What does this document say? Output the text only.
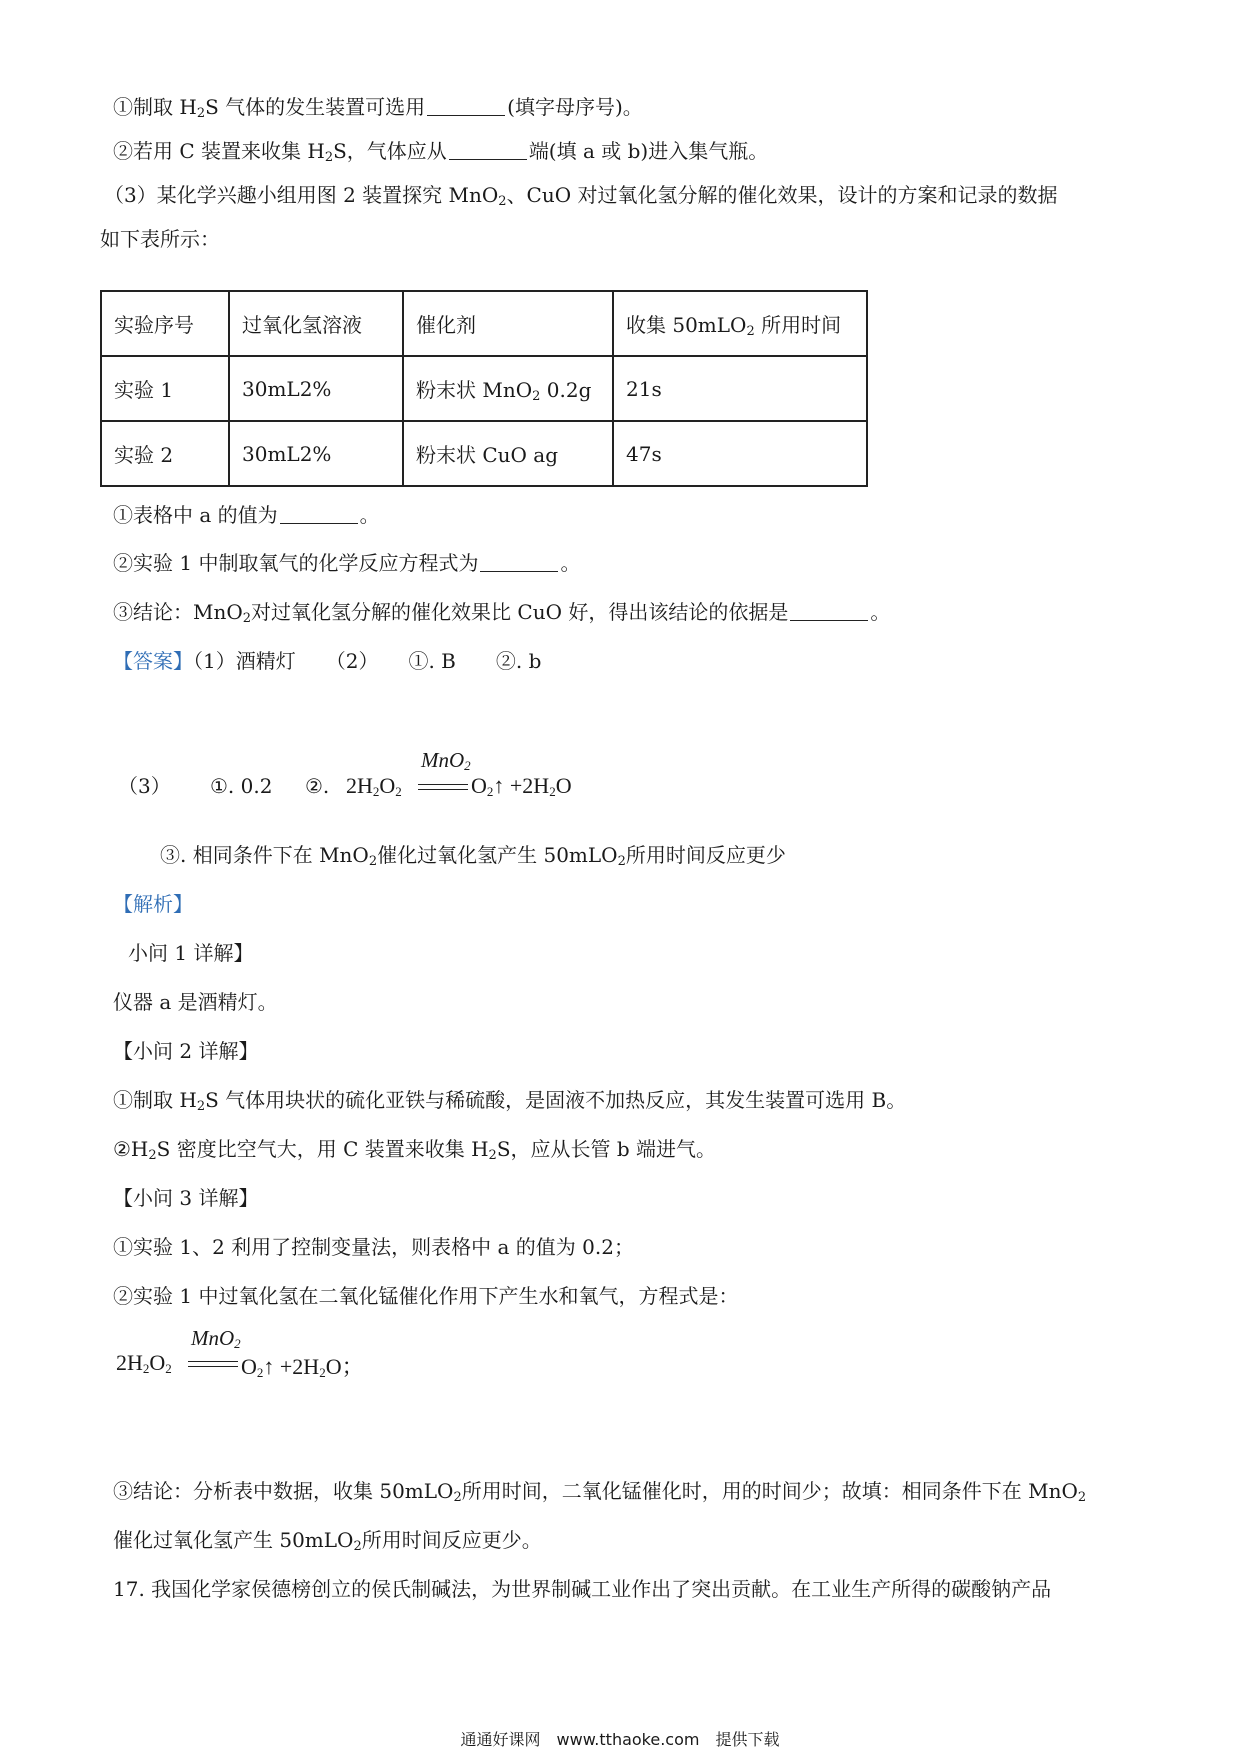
①制取 $H_2S$ 气体的发生装置可选用	(填字母序号)。
②若用 C 装置来收集 $H_2S$，气体应从	端(填 a 或 b)进入集气瓶。
（3）某化学兴趣小组用图 2 装置探究 MnO$_2$、CuO 对过氧化氢分解的催化效果，设计的方案和记录的数据
如下表所示：
实验序号	过氧化氢溶液	催化剂	收集 50mLO$_2$ 所用时间
实验 1	30mL2%	粉末状 MnO$_2$ 0.2g	21s
实验 2	30mL2%	粉末状 CuO ag	47s
①表格中 a 的值为	。
②实验 1 中制取氧气的化学反应方程式为	。
③结论：MnO$_2$对过氧化氢分解的催化效果比 CuO 好，得出该结论的依据是	。
【答案】（1）酒精灯　　（2）　　①. B　　②. b
（3） ①. 0.2 ②.
MnO$_2$
$2H_2O_2$	$O_2↑ +2H_2O$
③. 相同条件下在 MnO$_2$催化过氧化氢产生 50mLO$_2$所用时间反应更少
【解析】
小问 1 详解】
仪器 a 是酒精灯。
【小问 2 详解】
①制取 $H_2S$ 气体用块状的硫化亚铁与稀硫酸，是固液不加热反应，其发生装置可选用 B。
$②H_2S$ 密度比空气大，用 C 装置来收集 $H_2S$，应从长管 b 端进气。
【小问 3 详解】
①实验 1、2 利用了控制变量法，则表格中 a 的值为 0.2；
②实验 1 中过氧化氢在二氧化锰催化作用下产生水和氧气，方程式是：
MnO$_2$
$2H_2O_2$	$O_2↑ +2H_2O$；
③结论：分析表中数据，收集 50mLO$_2$所用时间，二氧化锰催化时，用的时间少；故填：相同条件下在 MnO$_2$
催化过氧化氢产生 50mLO$_2$所用时间反应更少。
17. 我国化学家侯德榜创立的侯氏制碱法，为世界制碱工业作出了突出贡献。在工业生产所得的碳酸钠产品
通通好课网　www.tthaoke.com　提供下载
